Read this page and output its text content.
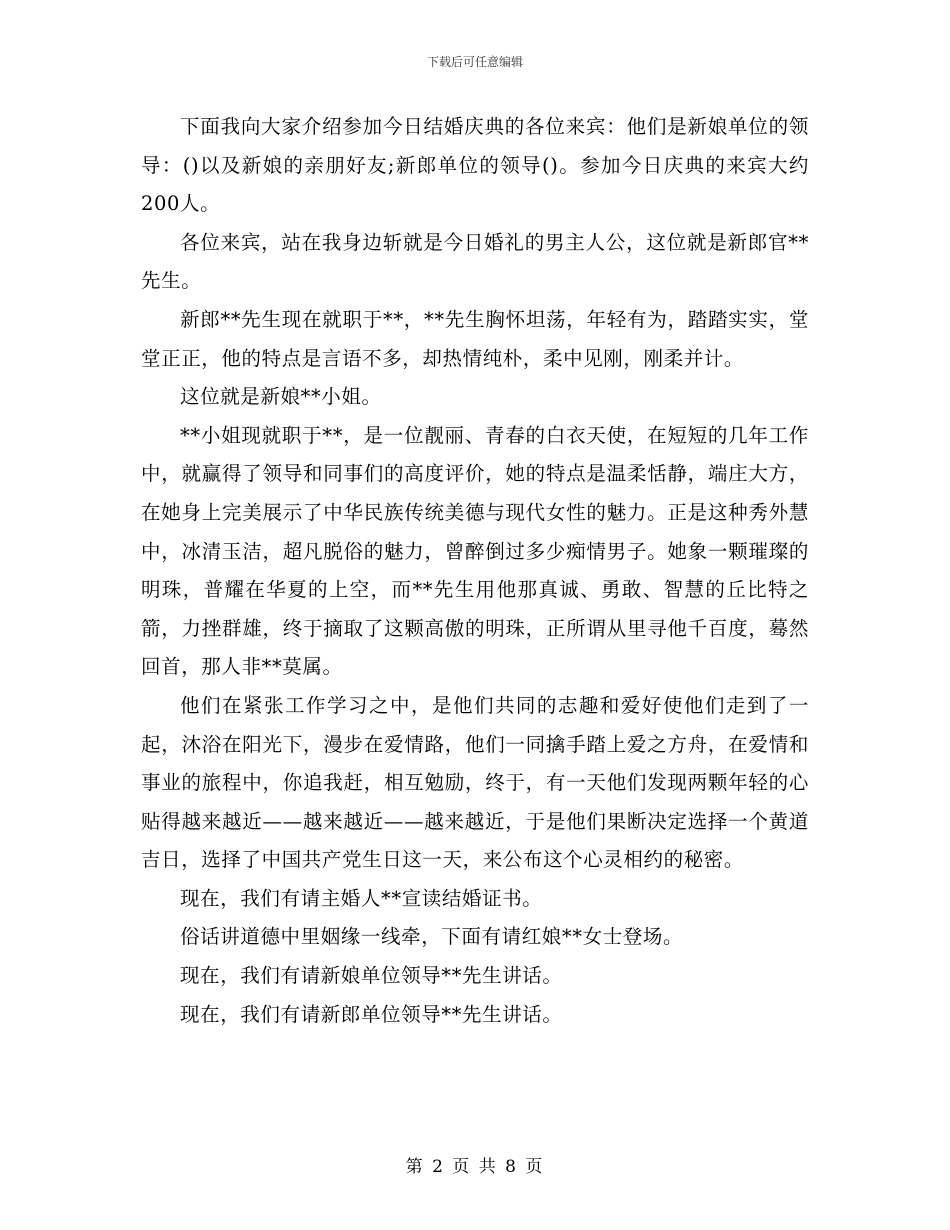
下载后可任意编辑

下面我向大家介绍参加今日结婚庆典的各位来宾：他们是新娘单位的领导：()以及新娘的亲朋好友;新郎单位的领导()。参加今日庆典的来宾大约200人。

各位来宾，站在我身边斩就是今日婚礼的男主人公，这位就是新郎官**先生。

新郎**先生现在就职于**，**先生胸怀坦荡，年轻有为，踏踏实实，堂堂正正，他的特点是言语不多，却热情纯朴，柔中见刚，刚柔并计。

这位就是新娘**小姐。

**小姐现就职于**，是一位靓丽、青春的白衣天使，在短短的几年工作中，就赢得了领导和同事们的高度评价，她的特点是温柔恬静，端庄大方，在她身上完美展示了中华民族传统美德与现代女性的魅力。正是这种秀外慧中，冰清玉洁，超凡脱俗的魅力，曾醉倒过多少痴情男子。她象一颗璀璨的明珠，普耀在华夏的上空，而**先生用他那真诚、勇敢、智慧的丘比特之箭，力挫群雄，终于摘取了这颗高傲的明珠，正所谓从里寻他千百度，蓦然回首，那人非**莫属。

他们在紧张工作学习之中，是他们共同的志趣和爱好使他们走到了一起，沐浴在阳光下，漫步在爱情路，他们一同擒手踏上爱之方舟，在爱情和事业的旅程中，你追我赶，相互勉励，终于，有一天他们发现两颗年轻的心贴得越来越近——越来越近——越来越近，于是他们果断决定选择一个黄道吉日，选择了中国共产党生日这一天，来公布这个心灵相约的秘密。

现在，我们有请主婚人**宣读结婚证书。

俗话讲道德中里姻缘一线牵，下面有请红娘**女士登场。

现在，我们有请新娘单位领导**先生讲话。

现在，我们有请新郎单位领导**先生讲话。

第 2 页 共 8 页
